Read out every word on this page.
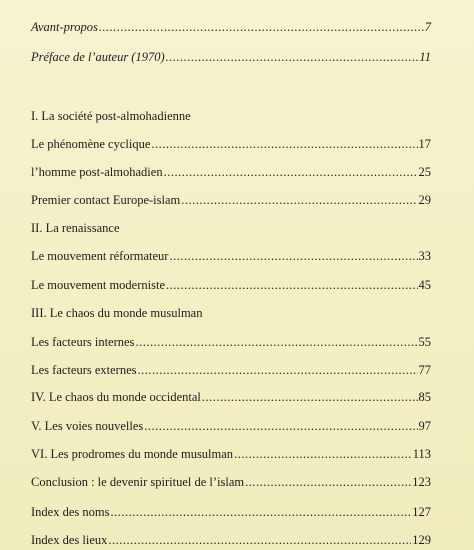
Avant-propos .....	7
Préface de l’auteur (1970) .....	11
I. La société post-almohadienne
Le phénomène cyclique .....	17
l’homme post-almohadien .....	25
Premier contact Europe-islam .....	29
II. La renaissance
Le mouvement réformateur .....	33
Le mouvement moderniste .....	45
III. Le chaos du monde musulman
Les facteurs internes .....	55
Les facteurs externes .....	77
IV. Le chaos du monde occidental .....	85
V. Les voies nouvelles .....	97
VI. Les prodromes du monde musulman .....	113
Conclusion : le devenir spirituel de l’islam .....	123
Index des noms .....	127
Index des lieux .....	129
